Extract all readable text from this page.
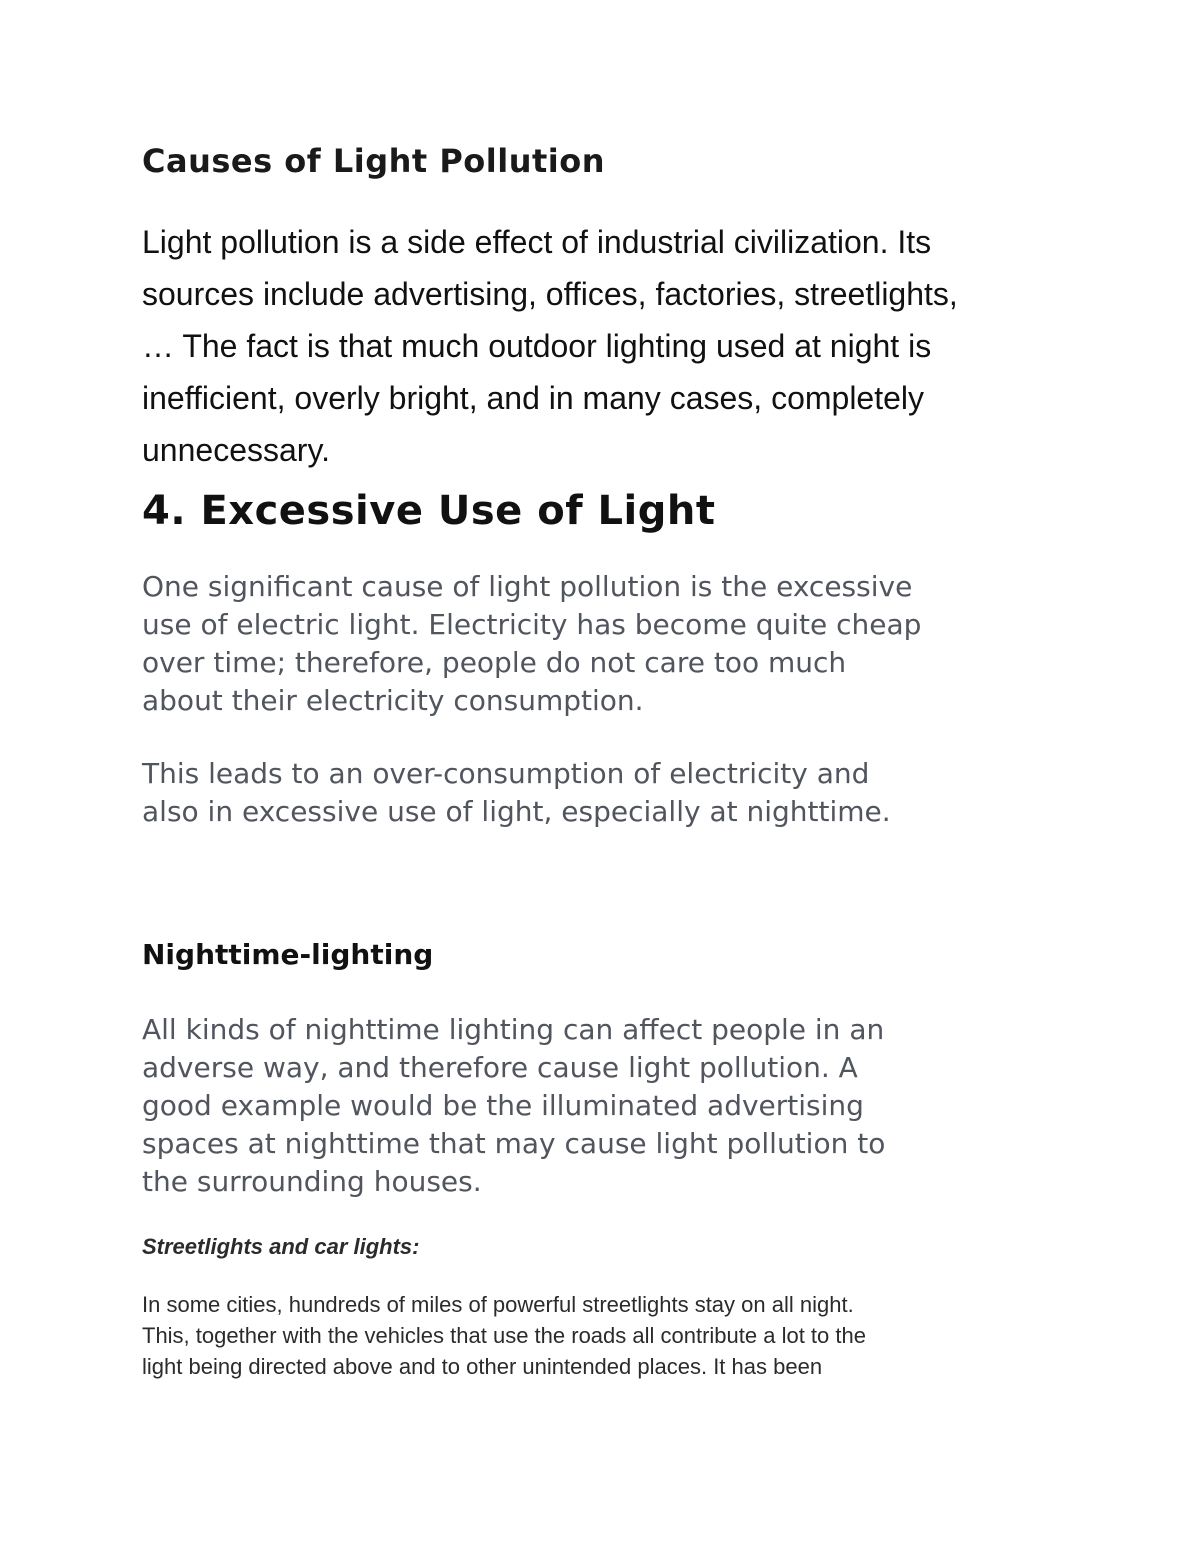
Causes of Light Pollution

Light pollution is a side effect of industrial civilization. Its
sources include advertising, offices, factories, streetlights,
… The fact is that much outdoor lighting used at night is
inefficient, overly bright, and in many cases, completely
unnecessary.

4. Excessive Use of Light

One significant cause of light pollution is the excessive
use of electric light. Electricity has become quite cheap
over time; therefore, people do not care too much
about their electricity consumption.

This leads to an over-consumption of electricity and
also in excessive use of light, especially at nighttime.

Nighttime-lighting

All kinds of nighttime lighting can affect people in an
adverse way, and therefore cause light pollution. A
good example would be the illuminated advertising
spaces at nighttime that may cause light pollution to
the surrounding houses.

Streetlights and car lights:

In some cities, hundreds of miles of powerful streetlights stay on all night.
This, together with the vehicles that use the roads all contribute a lot to the
light being directed above and to other unintended places. It has been
